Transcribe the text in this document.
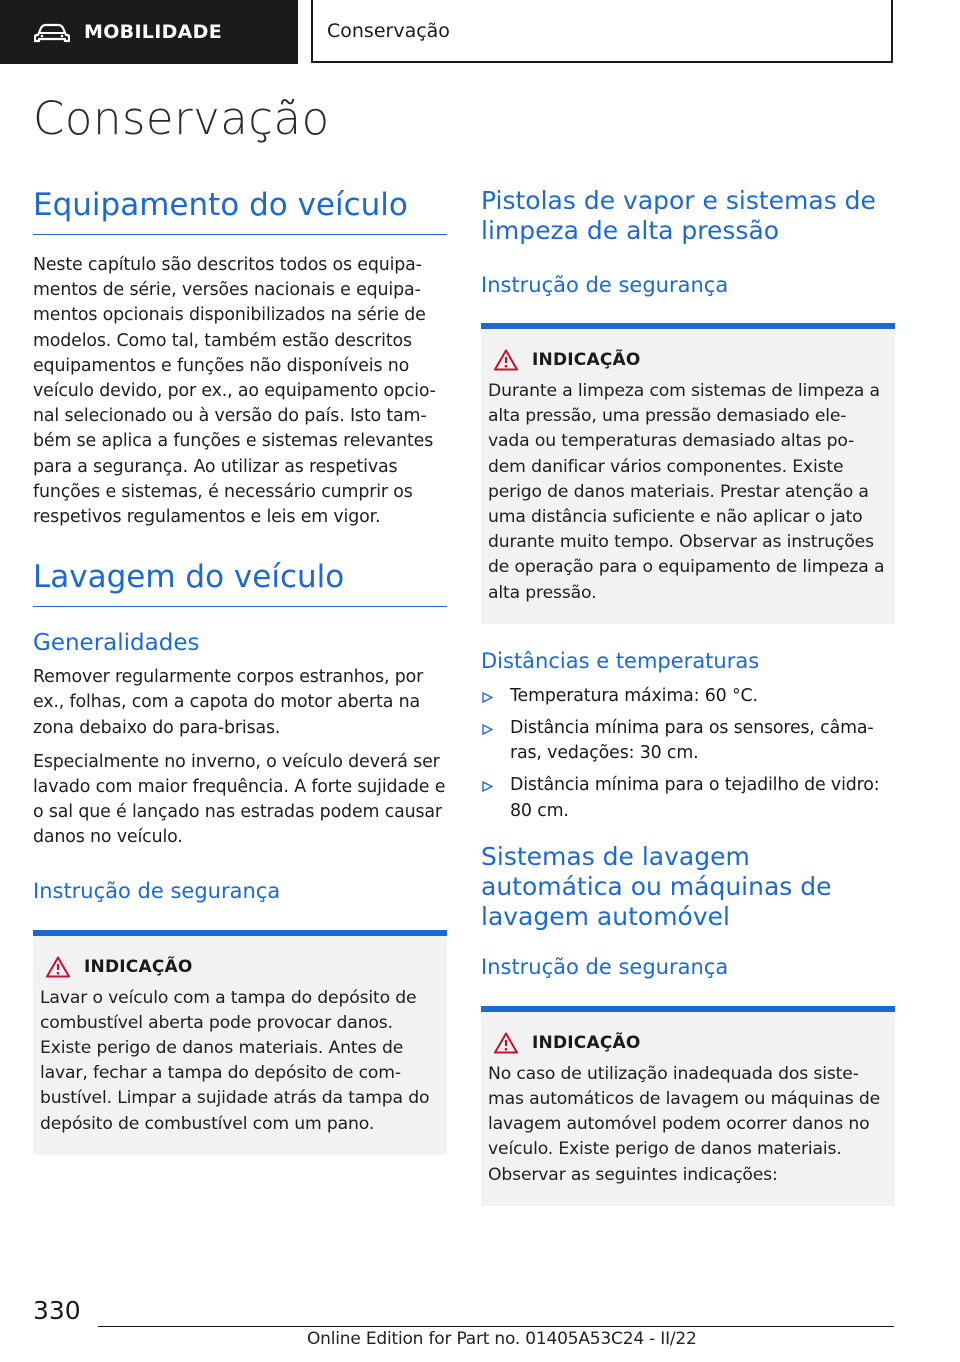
MOBILIDADE	Conservação
Conservação
Equipamento do veículo

Neste capítulo são descritos todos os equipa-mentos de série, versões nacionais e equipa-mentos opcionais disponibilizados na série de modelos. Como tal, também estão descritos equipamentos e funções não disponíveis no veículo devido, por ex., ao equipamento opcio-nal selecionado ou à versão do país. Isto tam-bém se aplica a funções e sistemas relevantes para a segurança. Ao utilizar as respetivas funções e sistemas, é necessário cumprir os respetivos regulamentos e leis em vigor.

Lavagem do veículo
Generalidades

Remover regularmente corpos estranhos, por ex., folhas, com a capota do motor aberta na zona debaixo do para-brisas.

Especialmente no inverno, o veículo deverá ser lavado com maior frequência. A forte sujidade e o sal que é lançado nas estradas podem causar danos no veículo.

Instrução de segurança
INDICAÇÃO

Lavar o veículo com a tampa do depósito de combustível aberta pode provocar danos. Existe perigo de danos materiais. Antes de lavar, fechar a tampa do depósito de com-bustível. Limpar a sujidade atrás da tampa do depósito de combustível com um pano.

Pistolas de vapor e sistemas de limpeza de alta pressão
Instrução de segurança
INDICAÇÃO

Durante a limpeza com sistemas de limpeza a alta pressão, uma pressão demasiado ele-vada ou temperaturas demasiado altas po-dem danificar vários componentes. Existe perigo de danos materiais. Prestar atenção a uma distância suficiente e não aplicar o jato durante muito tempo. Observar as instruções de operação para o equipamento de limpeza a alta pressão.

Distâncias e temperaturas
Temperatura máxima: 60 °C.
Distância mínima para os sensores, câma-ras, vedações: 30 cm.
Distância mínima para o tejadilho de vidro: 80 cm.
Sistemas de lavagem automática ou máquinas de lavagem automóvel
Instrução de segurança
INDICAÇÃO

No caso de utilização inadequada dos siste-mas automáticos de lavagem ou máquinas de lavagem automóvel podem ocorrer danos no veículo. Existe perigo de danos materiais. Observar as seguintes indicações:

330

Online Edition for Part no. 01405A53C24 - II/22
